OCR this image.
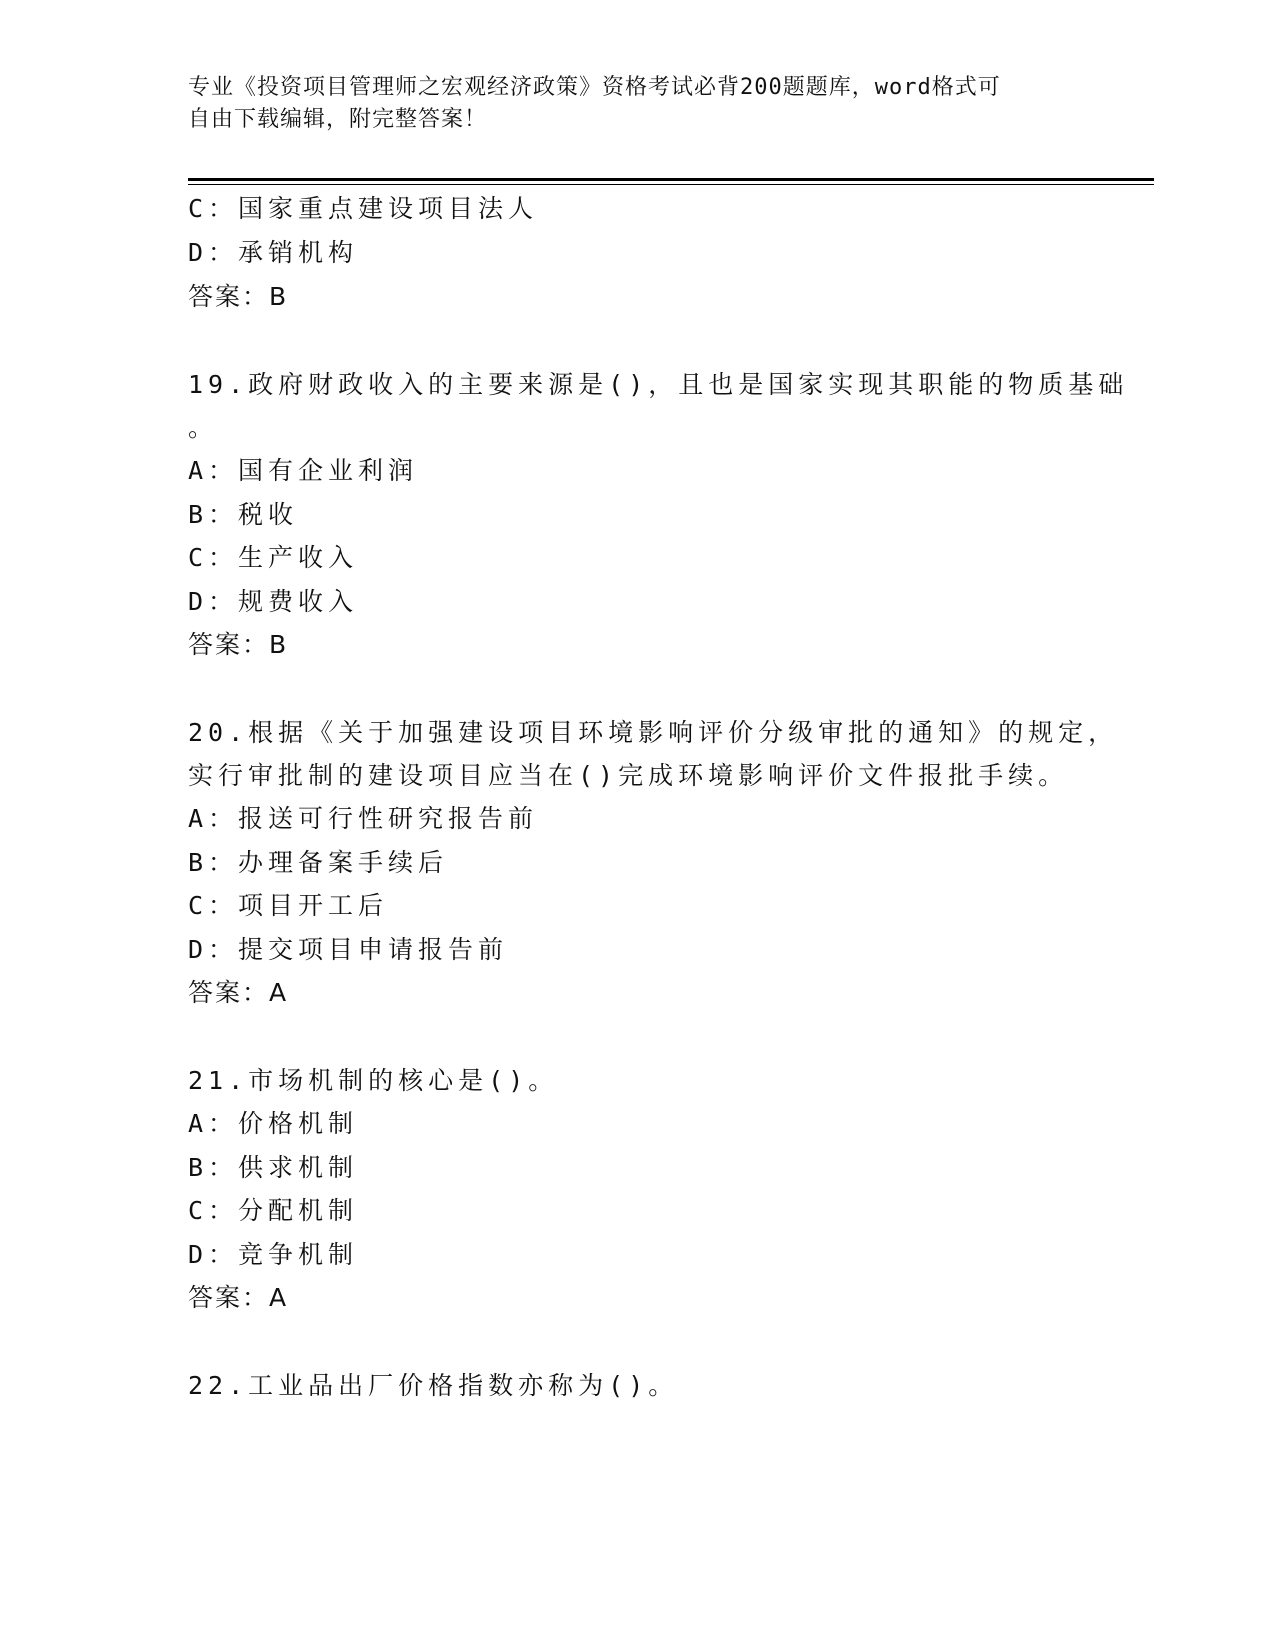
专业《投资项目管理师之宏观经济政策》资格考试必背200题题库，word格式可
自由下载编辑，附完整答案！
C：国家重点建设项目法人
D：承销机构
答案：B
19.政府财政收入的主要来源是()，且也是国家实现其职能的物质基础
。
A：国有企业利润
B：税收
C：生产收入
D：规费收入
答案：B
20.根据《关于加强建设项目环境影响评价分级审批的通知》的规定，
实行审批制的建设项目应当在()完成环境影响评价文件报批手续。
A：报送可行性研究报告前
B：办理备案手续后
C：项目开工后
D：提交项目申请报告前
答案：A
21.市场机制的核心是()。
A：价格机制
B：供求机制
C：分配机制
D：竞争机制
答案：A
22.工业品出厂价格指数亦称为()。
